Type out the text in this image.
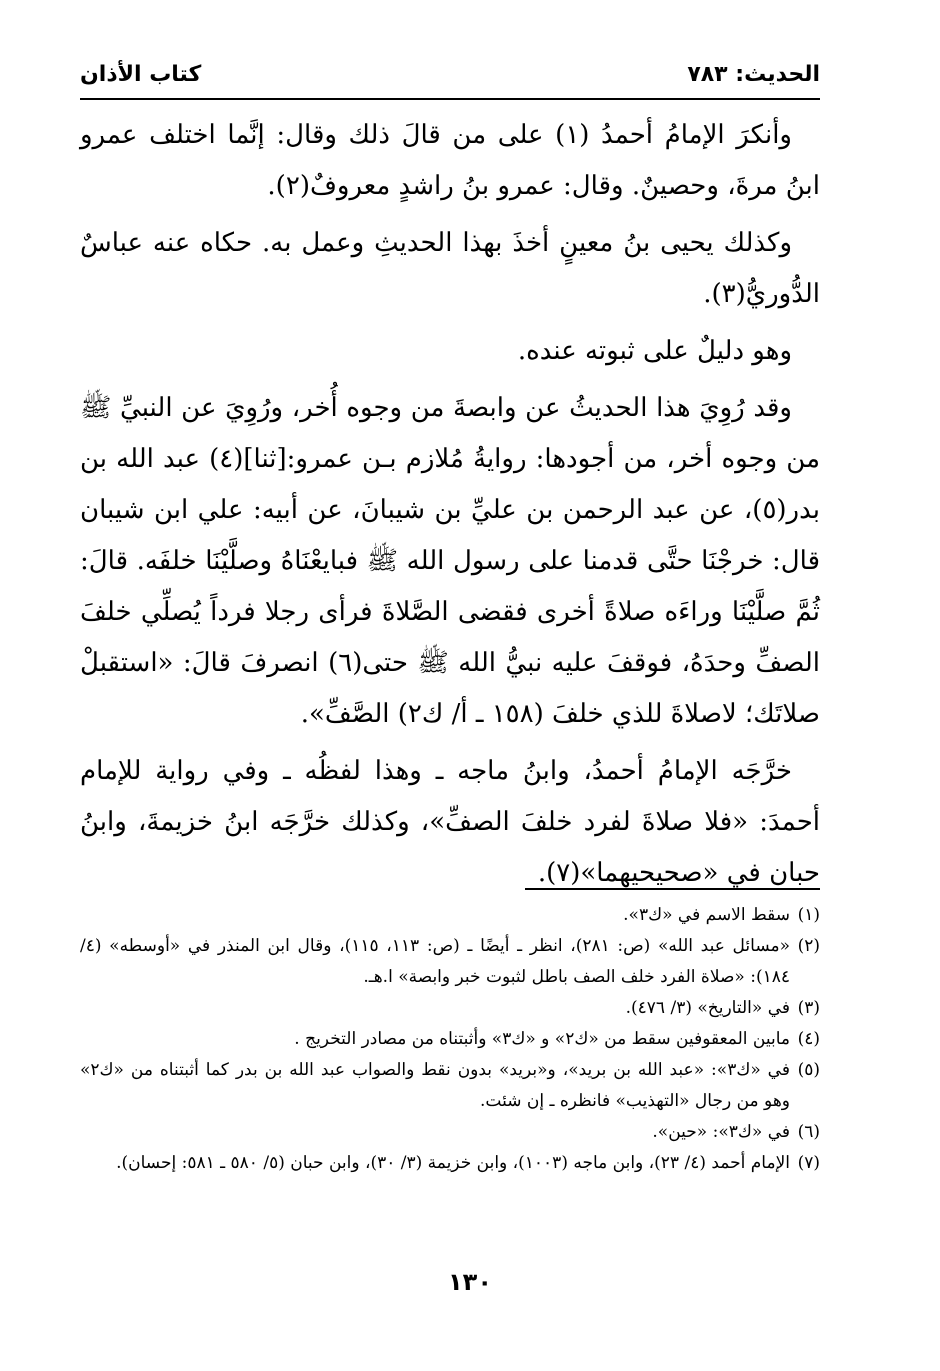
الحديث: ٧٨٣
كتاب الأذان

وأنكرَ الإمامُ أحمدُ (١) على من قالَ ذلك وقال: إنَّما اختلف عمرو ابنُ مرةَ، وحصينٌ. وقال: عمرو بنُ راشدٍ معروفٌ(٢).

وكذلك يحيى بنُ معينٍ أخذَ بهذا الحديثِ وعمل به. حكاه عنه عباسٌ الدُّوريُّ(٣).

وهو دليلٌ على ثبوته عنده.

وقد رُوِيَ هذا الحديثُ عن وابصةَ من وجوه أُخر، ورُوِيَ عن النبيِّ ﷺ من وجوه أخر، من أجودها: روايةُ مُلازم بـن عمرو:[ثنا](٤) عبد الله بن بدر(٥)، عن عبد الرحمن بن عليِّ بن شيبانَ، عن أبيه: علي ابن شيبان قال: خرجْنَا حتَّى قدمنا على رسول الله ﷺ فبايعْنَاهُ وصلَّيْنَا خلفَه. قالَ: ثُمَّ صلَّيْنَا وراءَه صلاةً أخرى فقضى الصَّلاةَ فرأى رجلا فرداً يُصلِّي خلفَ الصفِّ وحدَهُ، فوقفَ عليه نبيُّ الله ﷺ حتى(٦) انصرفَ قالَ: «استقبلْ صلاتَك؛ لاصلاةَ للذي خلفَ (١٥٨ ـ أ/ ك٢) الصَّفِّ».

خرَّجَه الإمامُ أحمدُ، وابنُ ماجه ـ وهذا لفظُه ـ وفي رواية للإمام أحمدَ: «فلا صلاةَ لفرد خلفَ الصفِّ»، وكذلك خرَّجَه ابنُ خزيمةَ، وابنُ حبان في «صحيحيهما»(٧).

(١)
سقط الاسم في «ك٣».

(٢)
«مسائل عبد الله» (ص: ٢٨١)، انظر ـ أيضًا ـ (ص: ١١٣، ١١٥)، وقال ابن المنذر في «أوسطه» (٤/ ١٨٤): «صلاة الفرد خلف الصف باطل لثبوت خبر وابصة» ا.هـ.

(٣)
في «التاريخ» (٣/ ٤٧٦).

(٤)
مابين المعقوفين سقط من «ك٢» و «ك٣» وأثبتناه من مصادر التخريج .

(٥)
في «ك٣»: «عبد الله بن بريد»، و«بريد» بدون نقط والصواب عبد الله بن بدر كما أثبتناه من «ك٢» وهو من رجال «التهذيب» فانظره ـ إن شئت.

(٦)
في «ك٣»: «حين».

(٧)
الإمام أحمد (٤/ ٢٣)، وابن ماجه (١٠٠٣)، وابن خزيمة (٣/ ٣٠)، وابن حبان (٥/ ٥٨٠ ـ ٥٨١: إحسان).

١٣٠
